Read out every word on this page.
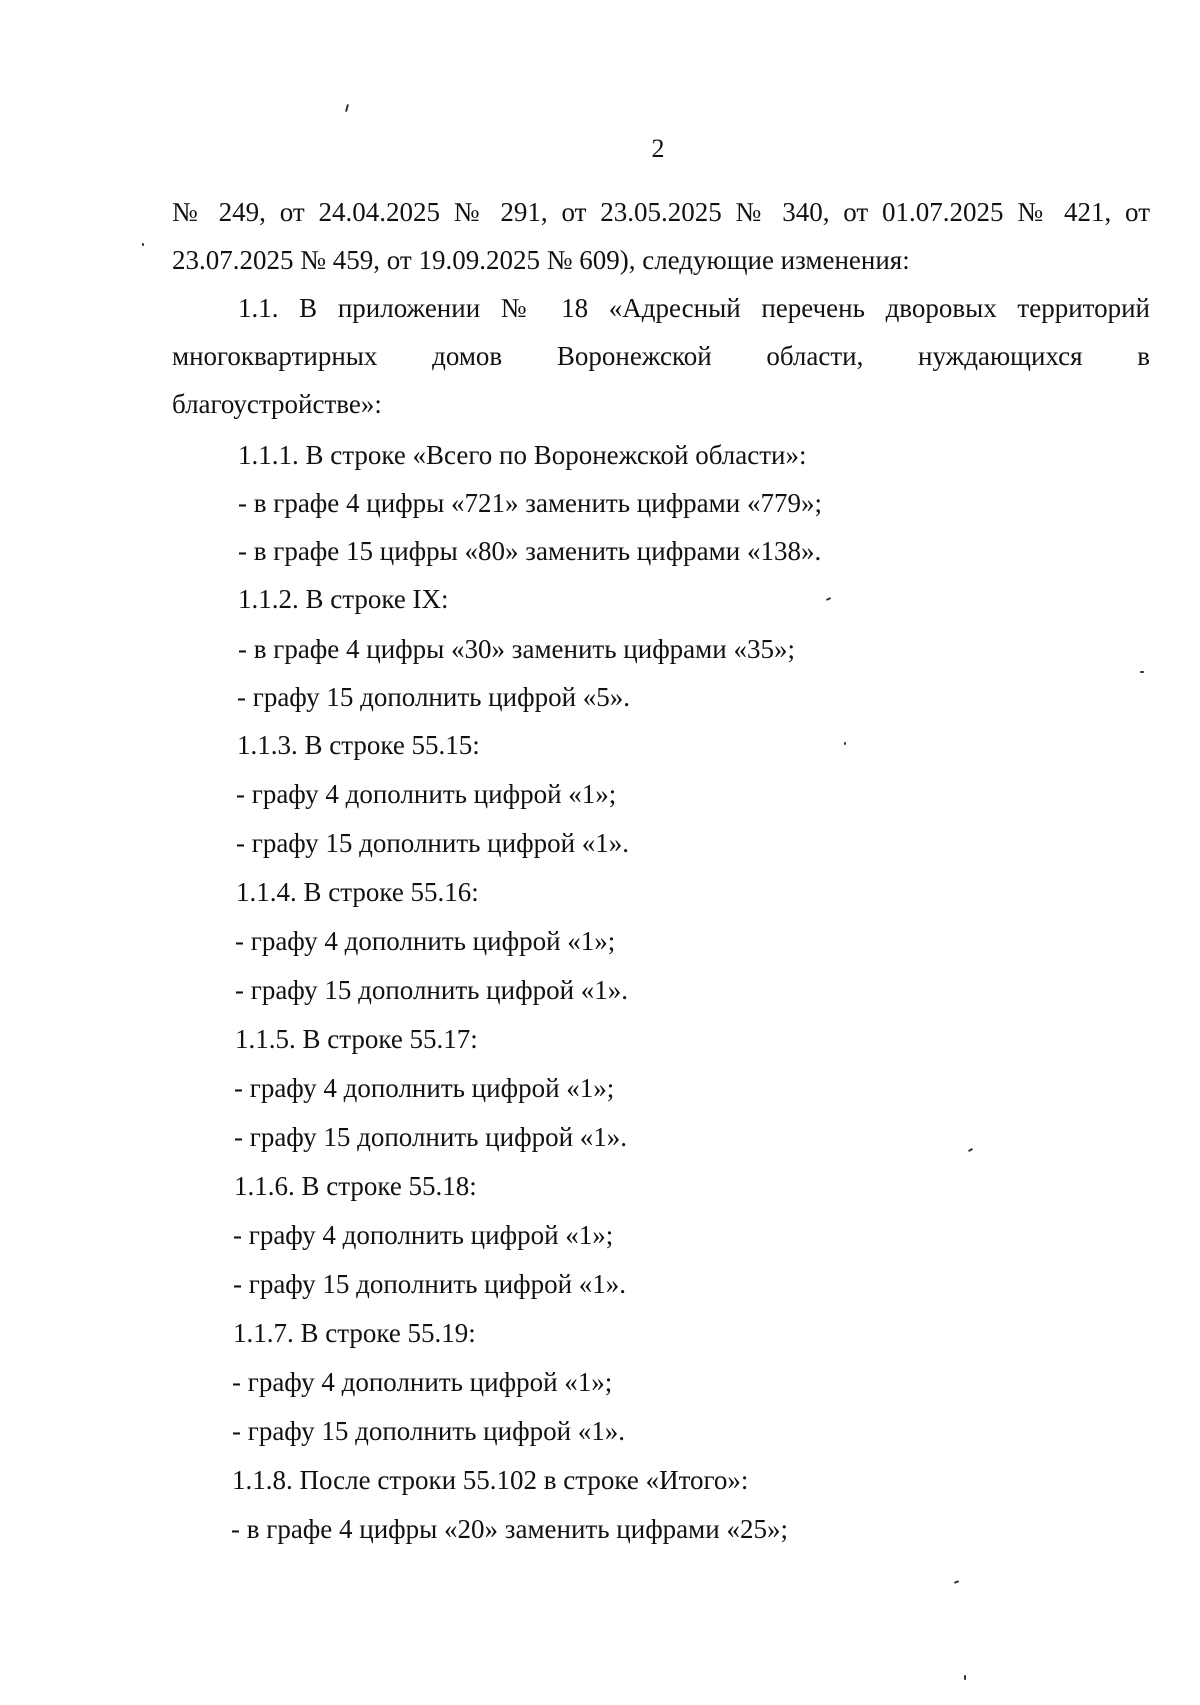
2
№ 249, от 24.04.2025 № 291, от 23.05.2025 № 340, от 01.07.2025 № 421, от
23.07.2025 № 459, от 19.09.2025 № 609), следующие изменения:
1.1. В приложении № 18 «Адресный перечень дворовых территорий
многоквартирных домов Воронежской области, нуждающихся в
благоустройстве»:
1.1.1. В строке «Всего по Воронежской области»:
- в графе 4 цифры «721» заменить цифрами «779»;
- в графе 15 цифры «80» заменить цифрами «138».
1.1.2. В строке IX:
- в графе 4 цифры «30» заменить цифрами «35»;
- графу 15 дополнить цифрой «5».
1.1.3. В строке 55.15:
- графу 4 дополнить цифрой «1»;
- графу 15 дополнить цифрой «1».
1.1.4. В строке 55.16:
- графу 4 дополнить цифрой «1»;
- графу 15 дополнить цифрой «1».
1.1.5. В строке 55.17:
- графу 4 дополнить цифрой «1»;
- графу 15 дополнить цифрой «1».
1.1.6. В строке 55.18:
- графу 4 дополнить цифрой «1»;
- графу 15 дополнить цифрой «1».
1.1.7. В строке 55.19:
- графу 4 дополнить цифрой «1»;
- графу 15 дополнить цифрой «1».
1.1.8. После строки 55.102 в строке «Итого»:
- в графе 4 цифры «20» заменить цифрами «25»;
